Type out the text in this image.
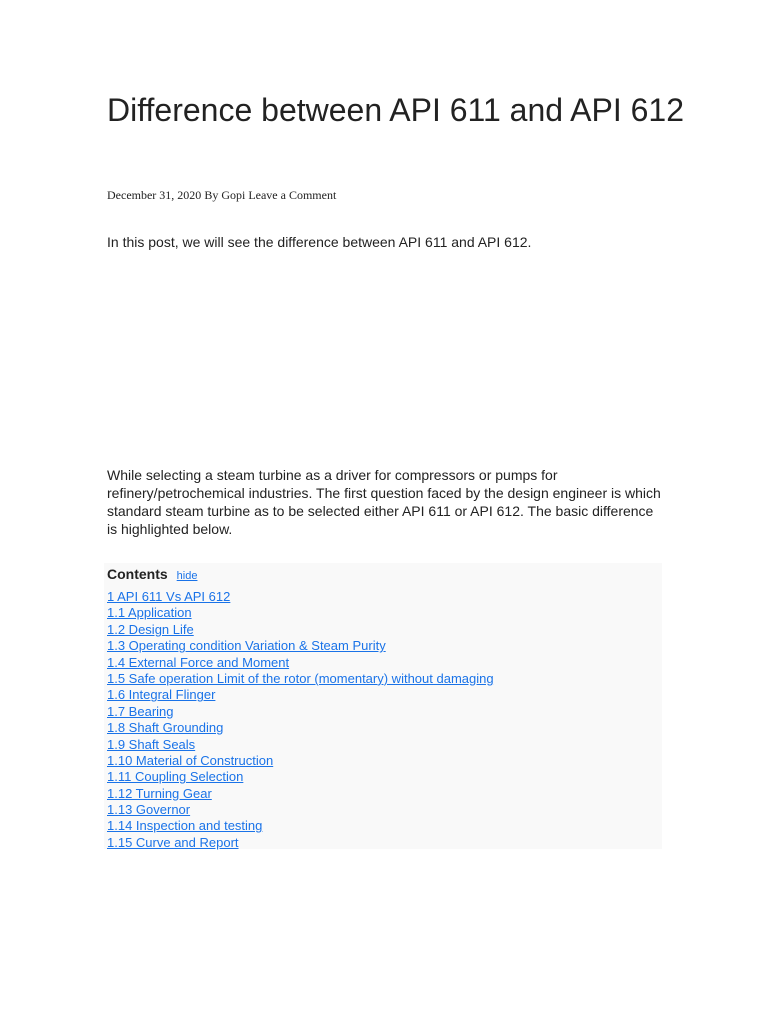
Difference between API 611 and API 612
December 31, 2020 By Gopi Leave a Comment

In this post, we will see the difference between API 611 and API 612.

While selecting a steam turbine as a driver for compressors or pumps for refinery/petrochemical industries. The first question faced by the design engineer is which standard steam turbine as to be selected either API 611 or API 612. The basic difference is highlighted below.

Contents hide
1 API 611 Vs API 612
1.1 Application
1.2 Design Life
1.3 Operating condition Variation & Steam Purity
1.4 External Force and Moment
1.5 Safe operation Limit of the rotor (momentary) without damaging
1.6 Integral Flinger
1.7 Bearing
1.8 Shaft Grounding
1.9 Shaft Seals
1.10 Material of Construction
1.11 Coupling Selection
1.12 Turning Gear
1.13 Governor
1.14 Inspection and testing
1.15 Curve and Report
